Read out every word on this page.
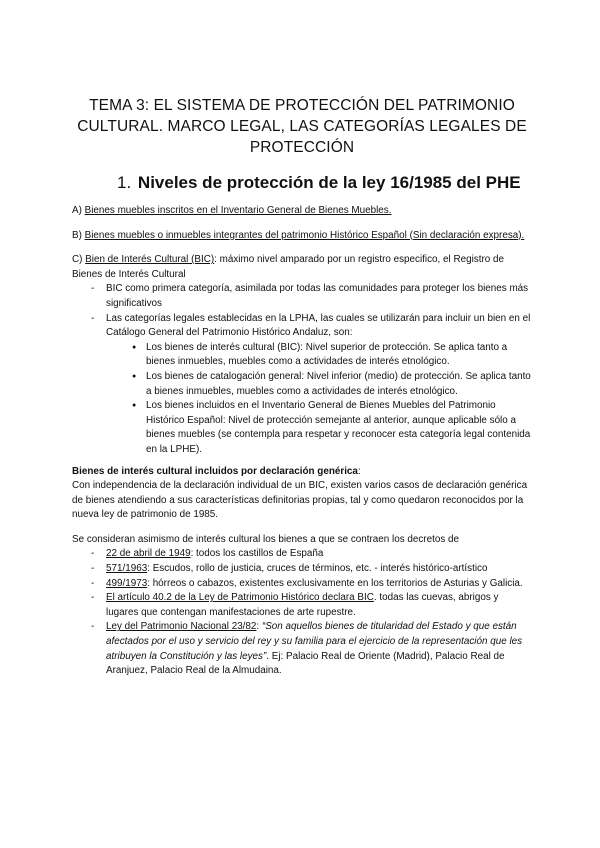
TEMA 3: EL SISTEMA DE PROTECCIÓN DEL PATRIMONIO CULTURAL. MARCO LEGAL, LAS CATEGORÍAS LEGALES DE PROTECCIÓN
1. Niveles de protección de la ley 16/1985 del PHE

A) Bienes muebles inscritos en el Inventario General de Bienes Muebles.

B) Bienes muebles o inmuebles integrantes del patrimonio Histórico Español (Sin declaración expresa).

C) Bien de Interés Cultural (BIC): máximo nivel amparado por un registro especifico, el Registro de Bienes de Interés Cultural

- BIC como primera categoría, asimilada por todas las comunidades para proteger los bienes más significativos
- Las categorías legales establecidas en la LPHA, las cuales se utilizarán para incluir un bien en el Catálogo General del Patrimonio Histórico Andaluz, son:
● Los bienes de interés cultural (BIC): Nivel superior de protección. Se aplica tanto a bienes inmuebles, muebles como a actividades de interés etnológico.
● Los bienes de catalogación general: Nivel inferior (medio) de protección. Se aplica tanto a bienes inmuebles, muebles como a actividades de interés etnológico.
● Los bienes incluidos en el Inventario General de Bienes Muebles del Patrimonio Histórico Español: Nivel de protección semejante al anterior, aunque aplicable sólo a bienes muebles (se contempla para respetar y reconocer esta categoría legal contenida en la LPHE).

Bienes de interés cultural incluidos por declaración genérica:

Con independencia de la declaración individual de un BIC, existen varios casos de declaración genérica de bienes atendiendo a sus características definitorias propias, tal y como quedaron reconocidos por la nueva ley de patrimonio de 1985.

Se consideran asimismo de interés cultural los bienes a que se contraen los decretos de

- 22 de abril de 1949: todos los castillos de España
- 571/1963: Escudos, rollo de justicia, cruces de términos, etc. - interés histórico-artístico
- 499/1973: hórreos o cabazos, existentes exclusivamente en los territorios de Asturias y Galicia.
- El artículo 40.2 de la Ley de Patrimonio Histórico declara BIC. todas las cuevas, abrigos y lugares que contengan manifestaciones de arte rupestre.
- Ley del Patrimonio Nacional 23/82: “Son aquellos bienes de titularidad del Estado y que están afectados por el uso y servicio del rey y su familia para el ejercicio de la representación que les atribuyen la Constitución y las leyes”. Ej: Palacio Real de Oriente (Madrid), Palacio Real de Aranjuez, Palacio Real de la Almudaina.
